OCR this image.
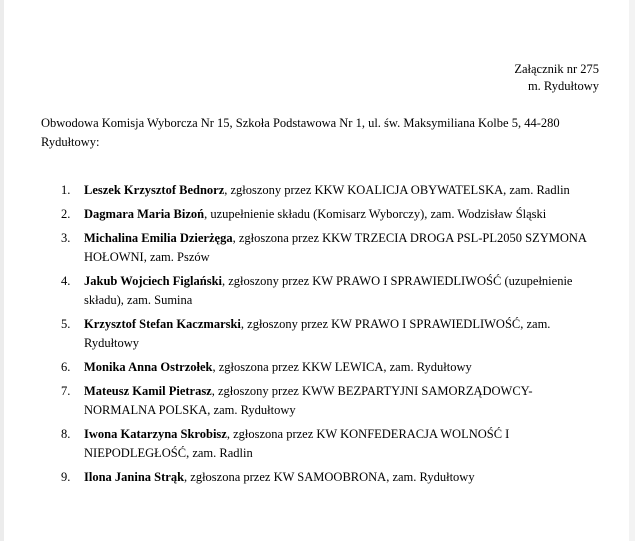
Załącznik nr 275
m. Rydułtowy
Obwodowa Komisja Wyborcza Nr 15, Szkoła Podstawowa Nr 1, ul. św. Maksymiliana Kolbe 5, 44-280 Rydułtowy:
1. Leszek Krzysztof Bednorz, zgłoszony przez KKW KOALICJA OBYWATELSKA, zam. Radlin
2. Dagmara Maria Bizoń, uzupełnienie składu (Komisarz Wyborczy), zam. Wodzisław Śląski
3. Michalina Emilia Dzierżęga, zgłoszona przez KKW TRZECIA DROGA PSL-PL2050 SZYMONA HOŁOWNI, zam. Pszów
4. Jakub Wojciech Figlański, zgłoszony przez KW PRAWO I SPRAWIEDLIWOŚĆ (uzupełnienie składu), zam. Sumina
5. Krzysztof Stefan Kaczmarski, zgłoszony przez KW PRAWO I SPRAWIEDLIWOŚĆ, zam. Rydułtowy
6. Monika Anna Ostrzołek, zgłoszona przez KKW LEWICA, zam. Rydułtowy
7. Mateusz Kamil Pietrasz, zgłoszony przez KWW BEZPARTYJNI SAMORZĄDOWCY-NORMALNA POLSKA, zam. Rydułtowy
8. Iwona Katarzyna Skrobisz, zgłoszona przez KW KONFEDERACJA WOLNOŚĆ I NIEPODLEGŁOŚĆ, zam. Radlin
9. Ilona Janina Strąk, zgłoszona przez KW SAMOOBRONA, zam. Rydułtowy
